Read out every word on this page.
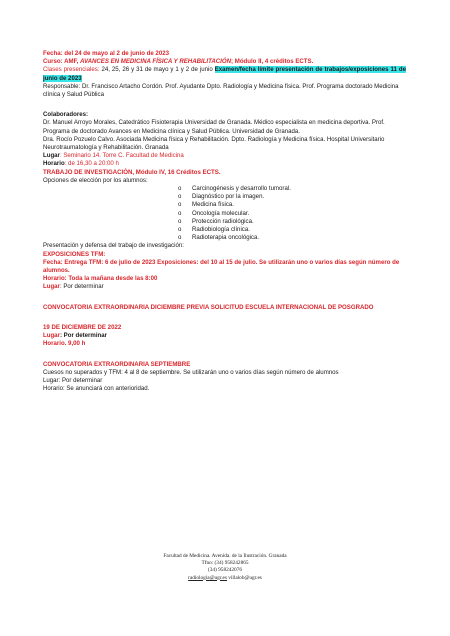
Fecha: del 24 de mayo al 2 de junio de 2023

Curso: AMF, AVANCES EN MEDICINA FÍSICA Y REHABILITACIÓN; Módulo II, 4 créditos ECTS.

Clases presenciales: 24, 25, 26 y 31 de mayo y 1 y 2 de junio Examen/fecha límite presentación de trabajos/exposiciones 11 de junio de 2023

Responsable: Dr. Francisco Artacho Cordón. Prof. Ayudante Dpto. Radiología y Medicina física. Prof. Programa doctorado Medicina clínica y Salud Pública

Colaboradores:

Dr. Manuel Arroyo Morales, Catedrático Fisioterapia Universidad de Granada. Médico especialista en medicina deportiva. Prof. Programa de doctorado Avances en Medicina clínica y Salud Pública. Universidad de Granada.

Dra. Rocío Pozuelo Calvo. Asociada Medicina física y Rehabilitación. Dpto. Radiología y Medicina física. Hospital Universitario Neurotraumatología y Rehabilitación. Granada

Lugar: Seminario 14. Torre C. Facultad de Medicina

Horario: de 16,30 a 20:00 h

TRABAJO DE INVESTIGACIÓN, Módulo IV, 16 Créditos ECTS.

Opciones de elección por los alumnos:

o Carcinogénesis y desarrollo tumoral.
o Diagnóstico por la imagen.
o Medicina física.
o Oncología molecular.
o Protección radiológica.
o Radiobiología clínica.
o Radioterapia oncológica.

Presentación y defensa del trabajo de investigación:

EXPOSICIONES TFM:

Fecha: Entrega TFM: 6 de julio de 2023 Exposiciones: del 10 al 15 de julio. Se utilizarán uno o varios días según número de alumnos.

Horario: Toda la mañana desde las 8:00

Lugar: Por determinar

CONVOCATORIA EXTRAORDINARIA DICIEMBRE PREVIA SOLICITUD ESCUELA INTERNACIONAL DE POSGRADO

19 DE DICIEMBRE DE 2022

Lugar: Por determinar

Horario. 9,00 h

CONVOCATORIA EXTRAORDINARIA SEPTIEMBRE

Cuesos no superados y TFM: 4 al 8 de septiembre. Se utilizarán uno o varios días según número de alumnos

Lugar: Por determinar

Horario: Se anunciará con anterioridad.

Facultad de Medicina. Avenida. de la Ilustración. Granada
Tfno: (34) 958242865
(34) 958242076
radiologia@ugr.es villalob@ugr.es
